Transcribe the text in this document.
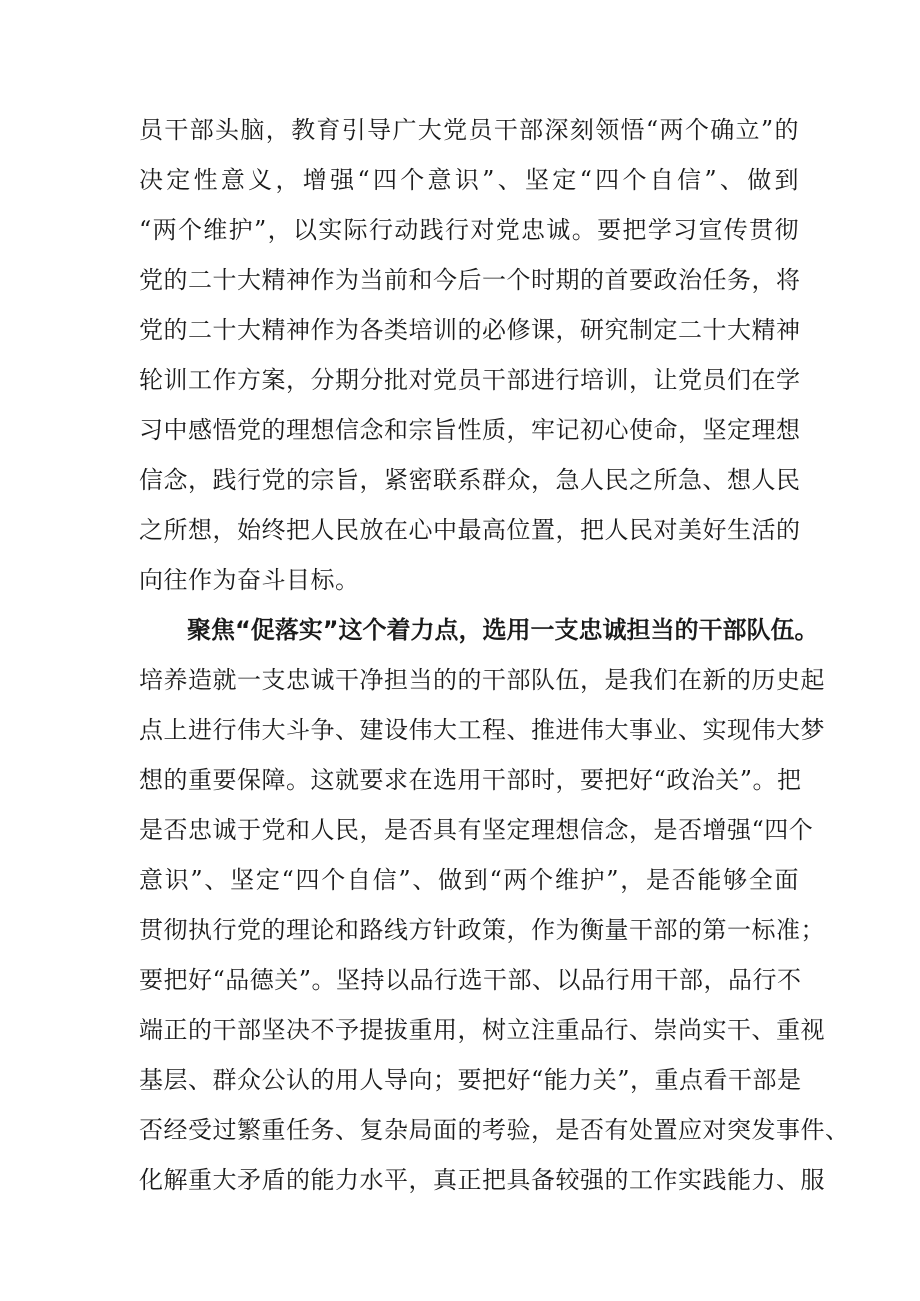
员干部头脑，教育引导广大党员干部深刻领悟“两个确立”的
决定性意义，增强“四个意识”、坚定“四个自信”、做到
“两个维护”，以实际行动践行对党忠诚。要把学习宣传贯彻
党的二十大精神作为当前和今后一个时期的首要政治任务，将
党的二十大精神作为各类培训的必修课，研究制定二十大精神
轮训工作方案，分期分批对党员干部进行培训，让党员们在学
习中感悟党的理想信念和宗旨性质，牢记初心使命，坚定理想
信念，践行党的宗旨，紧密联系群众，急人民之所急、想人民
之所想，始终把人民放在心中最高位置，把人民对美好生活的
向往作为奋斗目标。
聚焦“促落实”这个着力点，选用一支忠诚担当的干部队伍。
培养造就一支忠诚干净担当的的干部队伍，是我们在新的历史起
点上进行伟大斗争、建设伟大工程、推进伟大事业、实现伟大梦
想的重要保障。这就要求在选用干部时，要把好“政治关”。把
是否忠诚于党和人民，是否具有坚定理想信念，是否增强“四个
意识”、坚定“四个自信”、做到“两个维护”，是否能够全面
贯彻执行党的理论和路线方针政策，作为衡量干部的第一标准；
要把好“品德关”。坚持以品行选干部、以品行用干部，品行不
端正的干部坚决不予提拔重用，树立注重品行、崇尚实干、重视
基层、群众公认的用人导向；要把好“能力关”，重点看干部是
否经受过繁重任务、复杂局面的考验，是否有处置应对突发事件、
化解重大矛盾的能力水平，真正把具备较强的工作实践能力、服
